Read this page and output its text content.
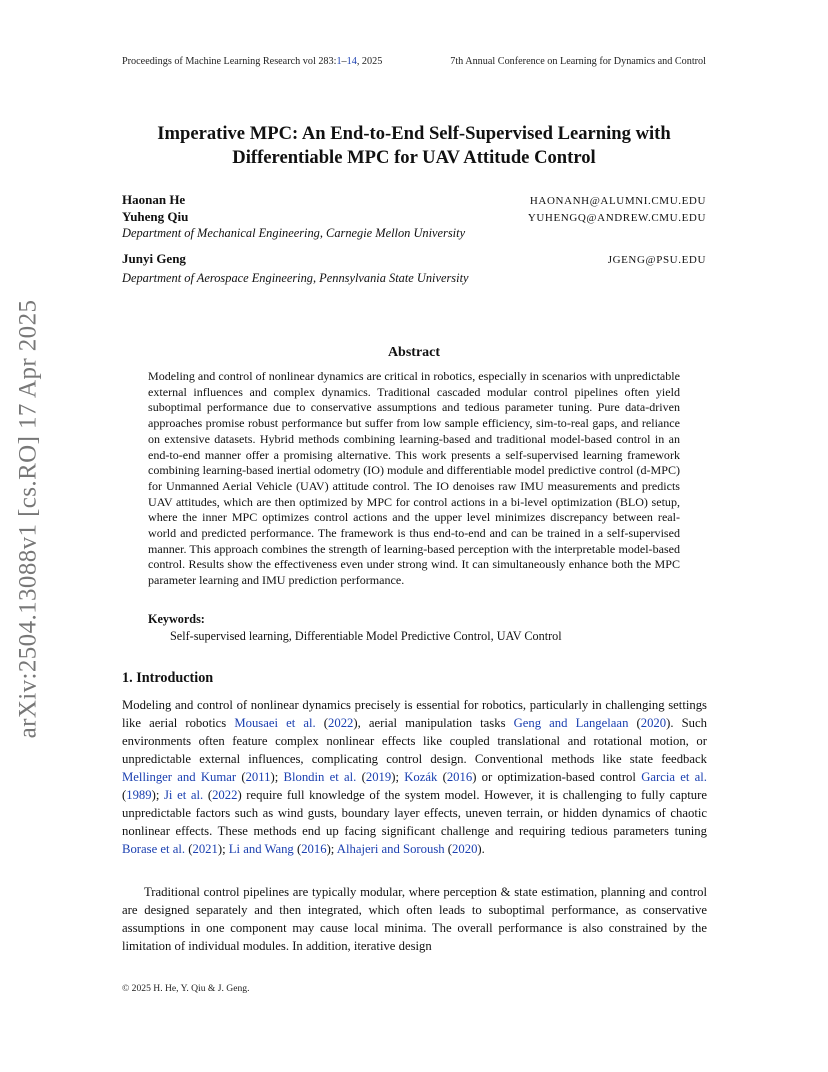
Proceedings of Machine Learning Research vol 283:1–14, 2025	7th Annual Conference on Learning for Dynamics and Control
arXiv:2504.13088v1 [cs.RO] 17 Apr 2025
Imperative MPC: An End-to-End Self-Supervised Learning with
Differentiable MPC for UAV Attitude Control
Haonan He	HAONANH@ALUMNI.CMU.EDU
Yuheng Qiu	YUHENGQ@ANDREW.CMU.EDU
Department of Mechanical Engineering, Carnegie Mellon University
Junyi Geng	JGENG@PSU.EDU
Department of Aerospace Engineering, Pennsylvania State University
Abstract

Modeling and control of nonlinear dynamics are critical in robotics, especially in scenarios with unpredictable external influences and complex dynamics. Traditional cascaded modular control pipelines often yield suboptimal performance due to conservative assumptions and tedious parameter tuning. Pure data-driven approaches promise robust performance but suffer from low sample efficiency, sim-to-real gaps, and reliance on extensive datasets. Hybrid methods combining learning-based and traditional model-based control in an end-to-end manner offer a promising alternative. This work presents a self-supervised learning framework combining learning-based inertial odometry (IO) module and differentiable model predictive control (d-MPC) for Unmanned Aerial Vehicle (UAV) attitude control. The IO denoises raw IMU measurements and predicts UAV attitudes, which are then optimized by MPC for control actions in a bi-level optimization (BLO) setup, where the inner MPC optimizes control actions and the upper level minimizes discrepancy between real-world and predicted performance. The framework is thus end-to-end and can be trained in a self-supervised manner. This approach combines the strength of learning-based perception with the interpretable model-based control. Results show the effectiveness even under strong wind. It can simultaneously enhance both the MPC parameter learning and IMU prediction performance.

Keywords:
Self-supervised learning, Differentiable Model Predictive Control, UAV Control
1. Introduction

Modeling and control of nonlinear dynamics precisely is essential for robotics, particularly in challenging settings like aerial robotics Mousaei et al. (2022), aerial manipulation tasks Geng and Langelaan (2020). Such environments often feature complex nonlinear effects like coupled translational and rotational motion, or unpredictable external influences, complicating control design. Conventional methods like state feedback Mellinger and Kumar (2011); Blondin et al. (2019); Kozák (2016) or optimization-based control Garcia et al. (1989); Ji et al. (2022) require full knowledge of the system model. However, it is challenging to fully capture unpredictable factors such as wind gusts, boundary layer effects, uneven terrain, or hidden dynamics of chaotic nonlinear effects. These methods end up facing significant challenge and requiring tedious parameters tuning Borase et al. (2021); Li and Wang (2016); Alhajeri and Soroush (2020).

Traditional control pipelines are typically modular, where perception & state estimation, planning and control are designed separately and then integrated, which often leads to suboptimal performance, as conservative assumptions in one component may cause local minima. The overall performance is also constrained by the limitation of individual modules. In addition, iterative design

© 2025 H. He, Y. Qiu & J. Geng.
